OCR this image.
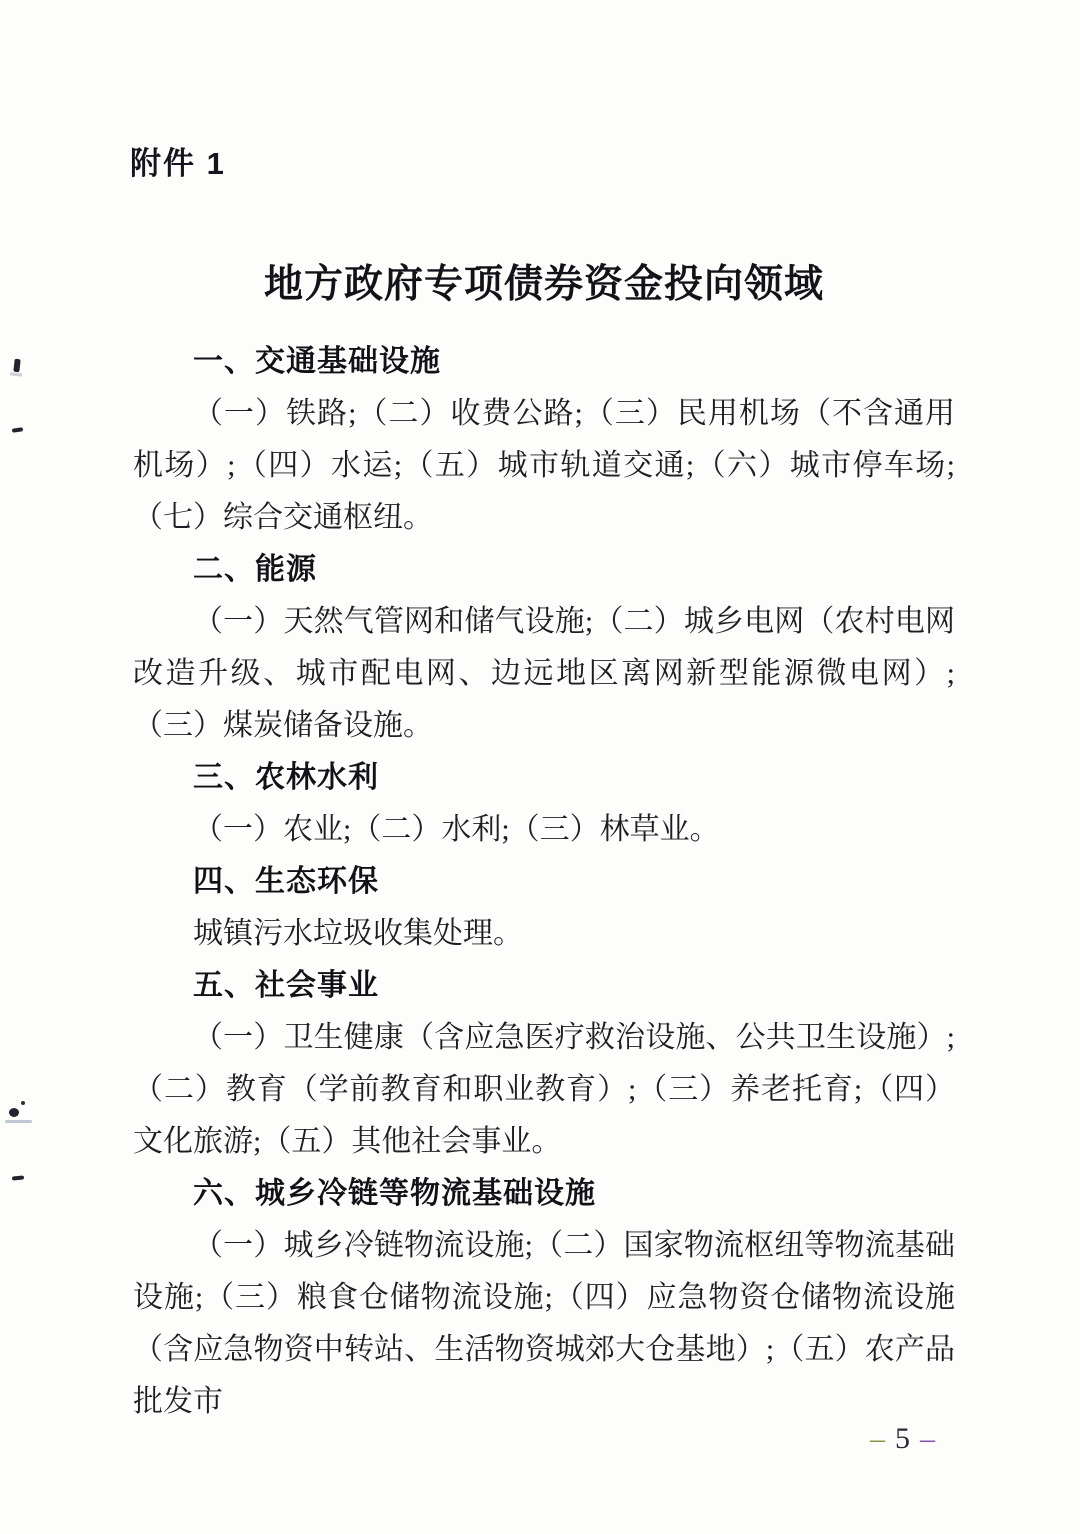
附件 1
地方政府专项债券资金投向领域
一、交通基础设施

（一）铁路;（二）收费公路;（三）民用机场（不含通用机场）;（四）水运;（五）城市轨道交通;（六）城市停车场;（七）综合交通枢纽。

二、能源

（一）天然气管网和储气设施;（二）城乡电网（农村电网改造升级、城市配电网、边远地区离网新型能源微电网）;（三）煤炭储备设施。

三、农林水利

（一）农业;（二）水利;（三）林草业。

四、生态环保

城镇污水垃圾收集处理。

五、社会事业

（一）卫生健康（含应急医疗救治设施、公共卫生设施）;（二）教育（学前教育和职业教育）;（三）养老托育;（四）文化旅游;（五）其他社会事业。

六、城乡冷链等物流基础设施

（一）城乡冷链物流设施;（二）国家物流枢纽等物流基础设施;（三）粮食仓储物流设施;（四）应急物资仓储物流设施（含应急物资中转站、生活物资城郊大仓基地）;（五）农产品批发市

– 5 –
